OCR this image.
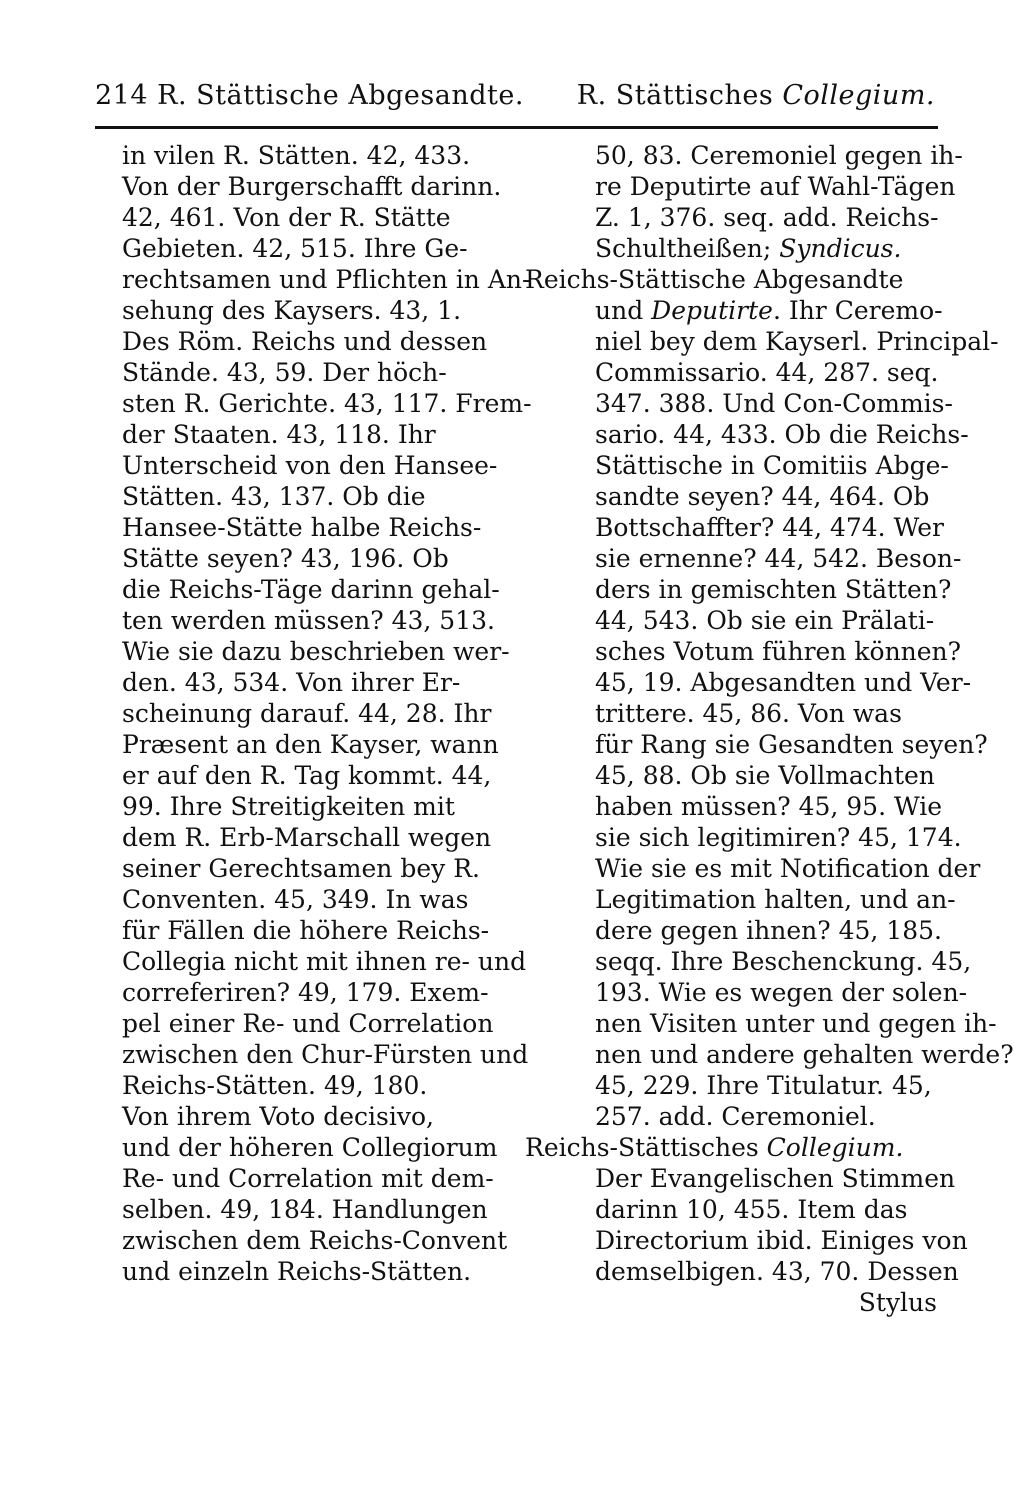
214 R. Stättische Abgesandte. R. Stättisches Collegium.
in vilen R. Stätten. 42, 433.
Von der Burgerschafft darinn.
42, 461. Von der R. Stätte
Gebieten. 42, 515. Ihre Ge-
rechtsamen und Pflichten in An-
sehung des Kaysers. 43, 1.
Des Röm. Reichs und dessen
Stände. 43, 59. Der höch-
sten R. Gerichte. 43, 117. Frem-
der Staaten. 43, 118. Ihr
Unterscheid von den Hansee-
Stätten. 43, 137. Ob die
Hansee-Stätte halbe Reichs-
Stätte seyen? 43, 196. Ob
die Reichs-Täge darinn gehal-
ten werden müssen? 43, 513.
Wie sie dazu beschrieben wer-
den. 43, 534. Von ihrer Er-
scheinung darauf. 44, 28. Ihr
Præsent an den Kayser, wann
er auf den R. Tag kommt. 44,
99. Ihre Streitigkeiten mit
dem R. Erb-Marschall wegen
seiner Gerechtsamen bey R.
Conventen. 45, 349. In was
für Fällen die höhere Reichs-
Collegia nicht mit ihnen re- und
correferiren? 49, 179. Exem-
pel einer Re- und Correlation
zwischen den Chur-Fürsten und
Reichs-Stätten. 49, 180.
Von ihrem Voto decisivo,
und der höheren Collegiorum
Re- und Correlation mit dem-
selben. 49, 184. Handlungen
zwischen dem Reichs-Convent
und einzeln Reichs-Stätten.
50, 83. Ceremoniel gegen ih-
re Deputirte auf Wahl-Tägen
Z. 1, 376. seq. add. Reichs-
Schultheißen; Syndicus.
Reichs-Stättische Abgesandte
und Deputirte. Ihr Ceremo-
niel bey dem Kayserl. Principal-
Commissario. 44, 287. seq.
347. 388. Und Con-Commis-
sario. 44, 433. Ob die Reichs-
Stättische in Comitiis Abge-
sandte seyen? 44, 464. Ob
Bottschaffter? 44, 474. Wer
sie ernenne? 44, 542. Beson-
ders in gemischten Stätten?
44, 543. Ob sie ein Prälati-
sches Votum führen können?
45, 19. Abgesandten und Ver-
trittere. 45, 86. Von was
für Rang sie Gesandten seyen?
45, 88. Ob sie Vollmachten
haben müssen? 45, 95. Wie
sie sich legitimiren? 45, 174.
Wie sie es mit Notification der
Legitimation halten, und an-
dere gegen ihnen? 45, 185.
seqq. Ihre Beschenckung. 45,
193. Wie es wegen der solen-
nen Visiten unter und gegen ih-
nen und andere gehalten werde?
45, 229. Ihre Titulatur. 45,
257. add. Ceremoniel.
Reichs-Stättisches Collegium.
Der Evangelischen Stimmen
darinn 10, 455. Item das
Directorium ibid. Einiges von
demselbigen. 43, 70. Dessen
Stylus
